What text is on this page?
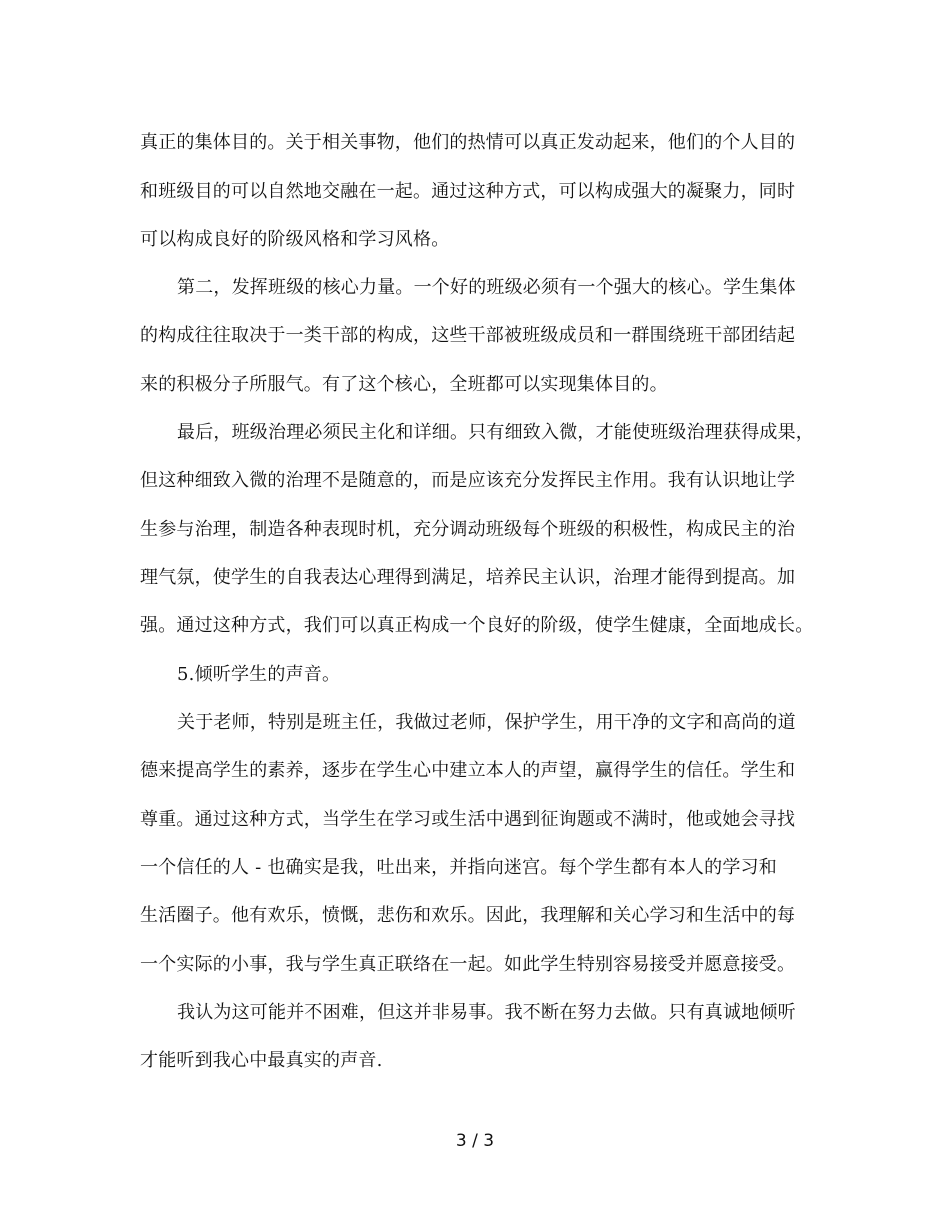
真正的集体目的。关于相关事物，他们的热情可以真正发动起来，他们的个人目的
和班级目的可以自然地交融在一起。通过这种方式，可以构成强大的凝聚力，同时
可以构成良好的阶级风格和学习风格。
第二，发挥班级的核心力量。一个好的班级必须有一个强大的核心。学生集体
的构成往往取决于一类干部的构成，这些干部被班级成员和一群围绕班干部团结起
来的积极分子所服气。有了这个核心，全班都可以实现集体目的。
最后，班级治理必须民主化和详细。只有细致入微，才能使班级治理获得成果，
但这种细致入微的治理不是随意的，而是应该充分发挥民主作用。我有认识地让学
生参与治理，制造各种表现时机，充分调动班级每个班级的积极性，构成民主的治
理气氛，使学生的自我表达心理得到满足，培养民主认识，治理才能得到提高。加
强。通过这种方式，我们可以真正构成一个良好的阶级，使学生健康，全面地成长。
5.倾听学生的声音。
关于老师，特别是班主任，我做过老师，保护学生，用干净的文字和高尚的道
德来提高学生的素养，逐步在学生心中建立本人的声望，赢得学生的信任。学生和
尊重。通过这种方式，当学生在学习或生活中遇到征询题或不满时，他或她会寻找
一个信任的人 - 也确实是我，吐出来，并指向迷宫。每个学生都有本人的学习和
生活圈子。他有欢乐，愤慨，悲伤和欢乐。因此，我理解和关心学习和生活中的每
一个实际的小事，我与学生真正联络在一起。如此学生特别容易接受并愿意接受。
我认为这可能并不困难，但这并非易事。我不断在努力去做。只有真诚地倾听
才能听到我心中最真实的声音.
3 / 3
